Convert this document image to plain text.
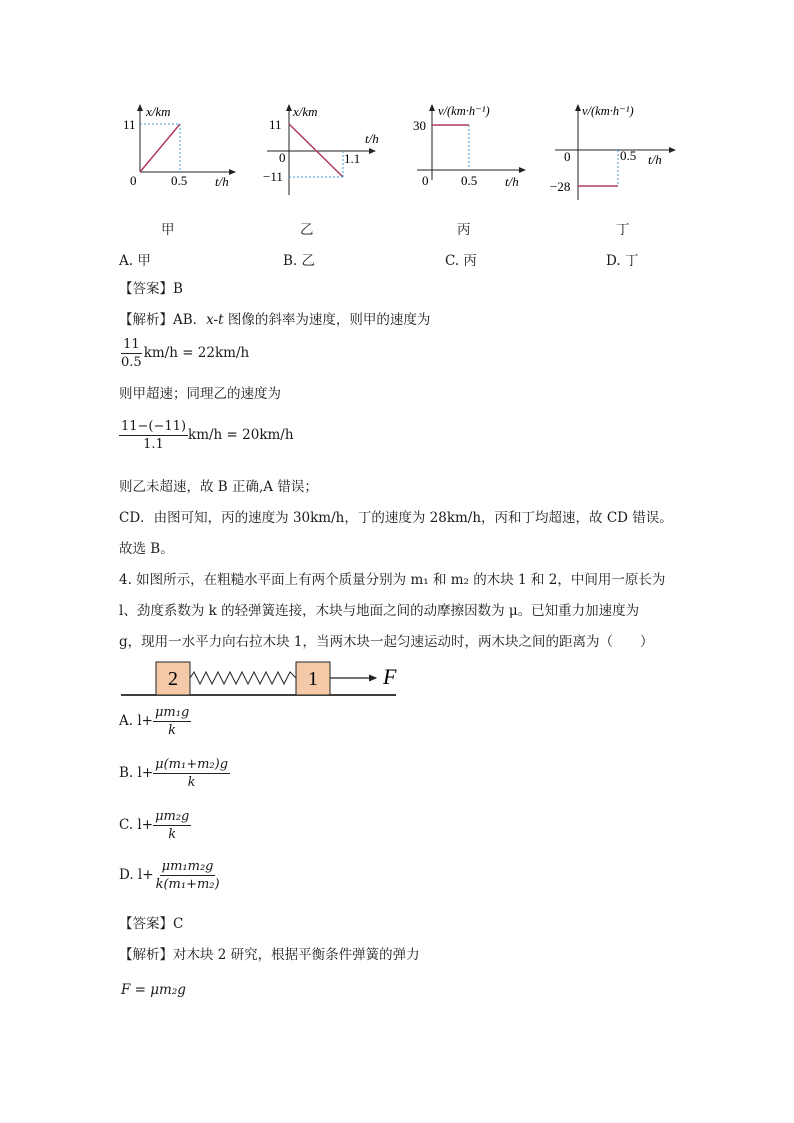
x/km
11
0	0.5 t/h
甲
x/km
11
0	1.1
−11
t/h
乙
v/(km·h⁻¹)
30
0	0.5 t/h
丙
v/(km·h⁻¹)
0	0.5
−28
t/h
丁
A. 甲	B. 乙	C. 丙	D. 丁
【答案】B
【解析】AB．x-t 图像的斜率为速度，则甲的速度为
$\frac{11}{0.5} km/h = 22km/h$
则甲超速；同理乙的速度为
$\frac{11-(-11)}{1.1} km/h = 20km/h$
则乙未超速，故 B 正确,A 错误；
CD．由图可知，丙的速度为 30km/h，丁的速度为 28km/h，丙和丁均超速，故 CD 错误。
故选 B。
4. 如图所示，在粗糙水平面上有两个质量分别为 m₁ 和 m₂ 的木块 1 和 2，中间用一原长为
l、劲度系数为 k 的轻弹簧连接，木块与地面之间的动摩擦因数为 μ。已知重力加速度为
g，现用一水平力向右拉木块 1，当两木块一起匀速运动时，两木块之间的距离为（　　）
2	1	F
A. $l+ \frac{\text{μm₁g}}{k}$
B. $l+ \frac{\text{μ(m₁+m₂)g}}{k}$
C. $l+ \frac{\text{μm₂g}}{k}$
D. $l+ \frac{\text{μm₁m₂g}}{\text{k(m₁+m₂)}}$
【答案】C
【解析】对木块 2 研究，根据平衡条件弹簧的弹力
F = μm₂g
